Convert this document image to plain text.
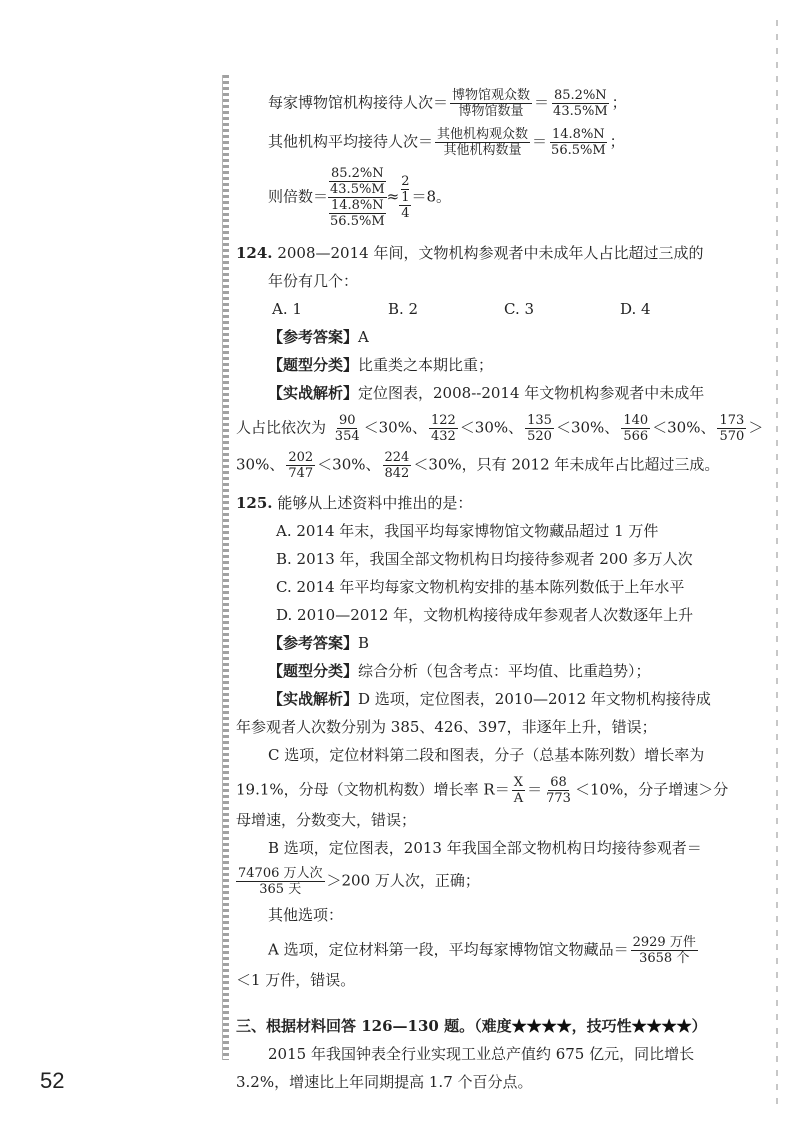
每家博物馆机构接待人次＝ $\frac{\text{博物馆观众数}}{\text{博物馆数量}} = \frac{85.2\%N}{43.5\%M}$ ；
其他机构平均接待人次＝ $\frac{\text{其他机构观众数}}{\text{其他机构数量}} = \frac{14.8\%N}{56.5\%M}$ ；
则倍数＝ $\frac{\frac{85.2\%N}{43.5\%M}}{\frac{14.8\%N}{56.5\%M}} \approx \frac{2}{\frac{1}{4}} =8$。
124. 2008—2014 年间，文物机构参观者中未成年人占比超过三成的
年份有几个：
A. 1	B. 2	C. 3	D. 4
【参考答案】A
【题型分类】比重类之本期比重；
【实战解析】定位图表，2008--2014 年文物机构参观者中未成年
人占比依次为 $\frac{90}{354} <30\%$、 $\frac{122}{432} <30\%$、 $\frac{135}{520} <30\%$、 $\frac{140}{566} <30\%$、 $\frac{173}{570}$ ＞
30%、 $\frac{202}{747} <30\%$、 $\frac{224}{842} <30\%$，只有 2012 年未成年占比超过三成。
125. 能够从上述资料中推出的是：
A. 2014 年末，我国平均每家博物馆文物藏品超过 1 万件
B. 2013 年，我国全部文物机构日均接待参观者 200 多万人次
C. 2014 年平均每家文物机构安排的基本陈列数低于上年水平
D. 2010—2012 年，文物机构接待成年参观者人次数逐年上升
【参考答案】B
【题型分类】综合分析（包含考点：平均值、比重趋势）；
【实战解析】D 选项，定位图表，2010—2012 年文物机构接待成
年参观者人次数分别为 385、426、397，非逐年上升，错误；
C 选项，定位材料第二段和图表，分子（总基本陈列数）增长率为
19.1%，分母（文物机构数）增长率 $R= \frac{X}{A} = \frac{68}{773} <10\%$，分子增速＞分
母增速，分数变大，错误；
B 选项，定位图表，2013 年我国全部文物机构日均接待参观者＝
$\frac{\text{74706 万人次}}{\text{365 天}} >200$ 万人次，正确；
其他选项：
A 选项，定位材料第一段，平均每家博物馆文物藏品＝ $\frac{\text{2929 万件}}{\text{3658 个}}$
＜1 万件，错误。
三、根据材料回答 126—130 题。（难度★★★★，技巧性★★★★）
2015 年我国钟表全行业实现工业总产值约 675 亿元，同比增长
3.2%，增速比上年同期提高 1.7 个百分点。
52
